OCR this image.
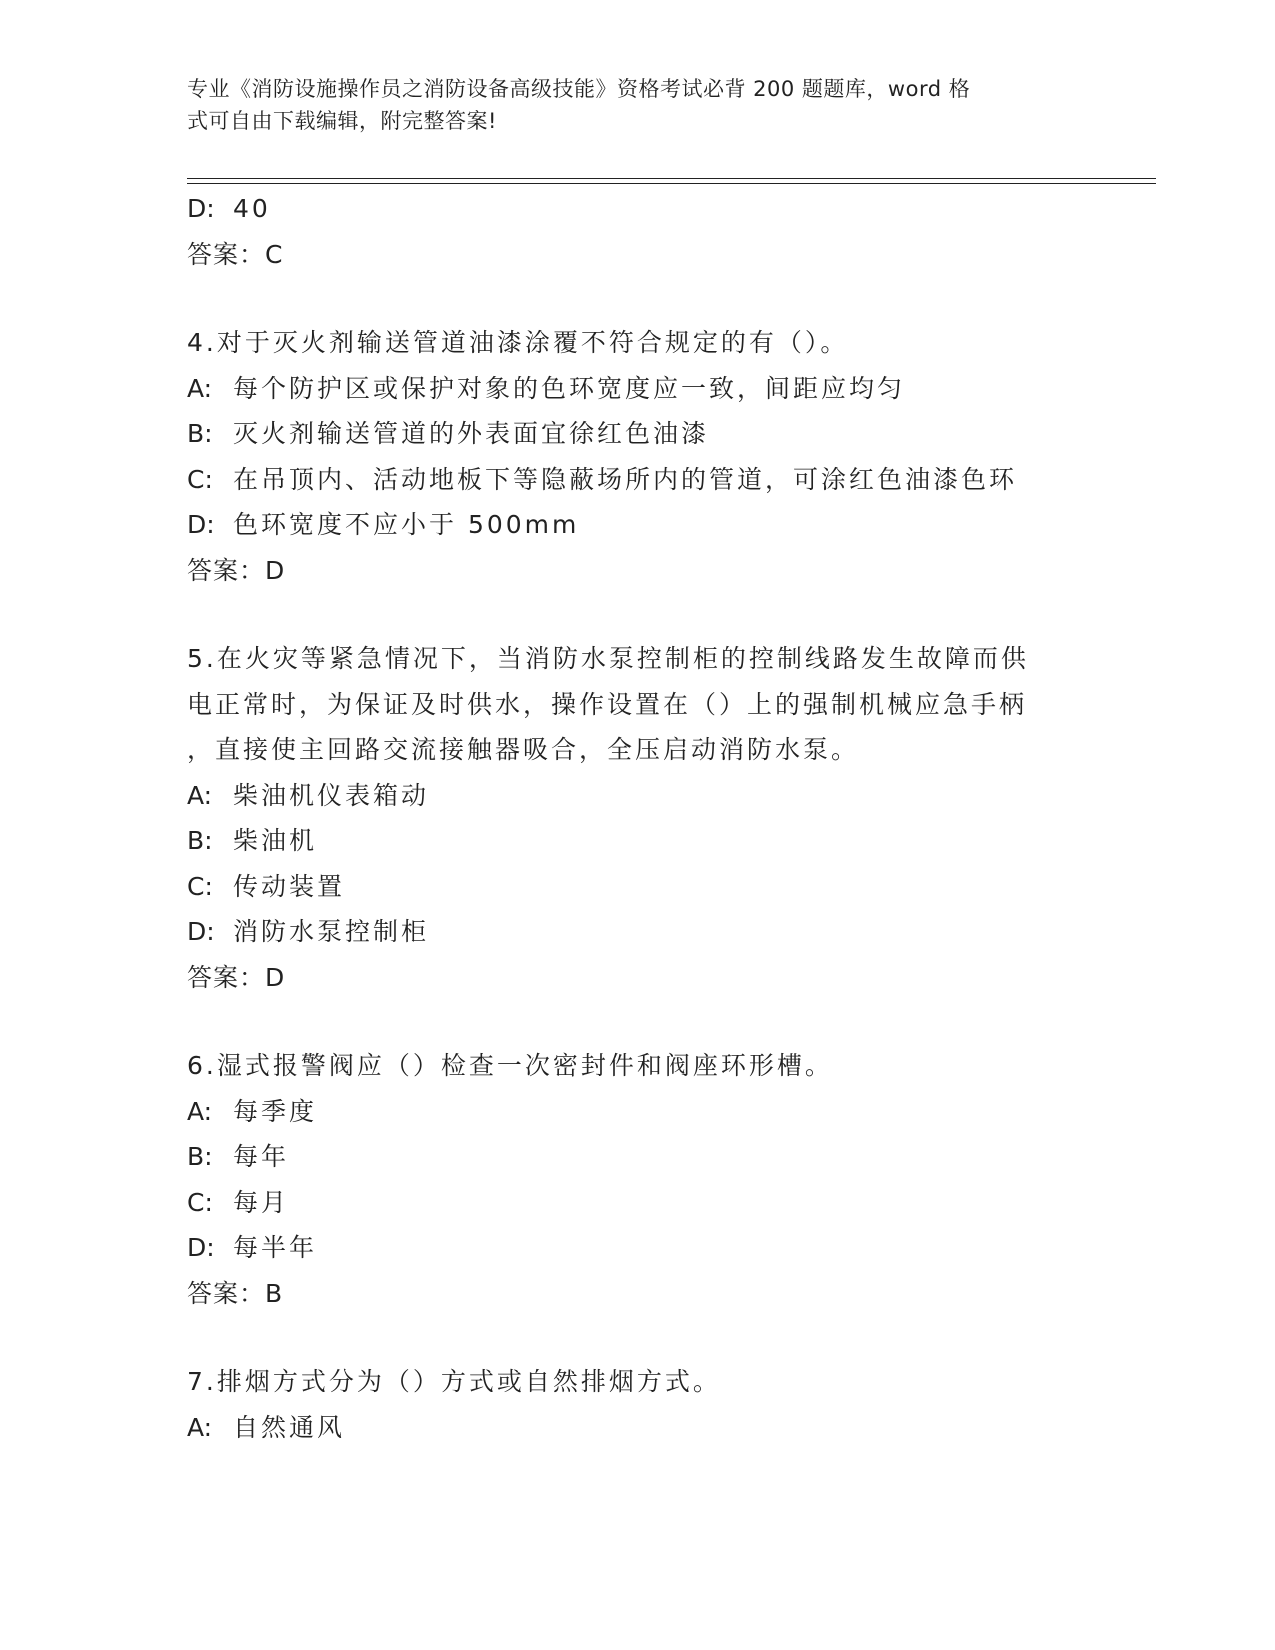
专业《消防设施操作员之消防设备高级技能》资格考试必背 200 题题库，word 格
式可自由下载编辑，附完整答案!
D: 40
答案：C
4.对于灭火剂输送管道油漆涂覆不符合规定的有（）。
A: 每个防护区或保护对象的色环宽度应一致，间距应均匀
B: 灭火剂输送管道的外表面宜徐红色油漆
C: 在吊顶内、活动地板下等隐蔽场所内的管道，可涂红色油漆色环
D: 色环宽度不应小于 500mm
答案：D
5.在火灾等紧急情况下，当消防水泵控制柜的控制线路发生故障而供
电正常时，为保证及时供水，操作设置在（）上的强制机械应急手柄
，直接使主回路交流接触器吸合，全压启动消防水泵。
A: 柴油机仪表箱动
B: 柴油机
C: 传动装置
D: 消防水泵控制柜
答案：D
6.湿式报警阀应（）检查一次密封件和阀座环形槽。
A: 每季度
B: 每年
C: 每月
D: 每半年
答案：B
7.排烟方式分为（）方式或自然排烟方式。
A: 自然通风
